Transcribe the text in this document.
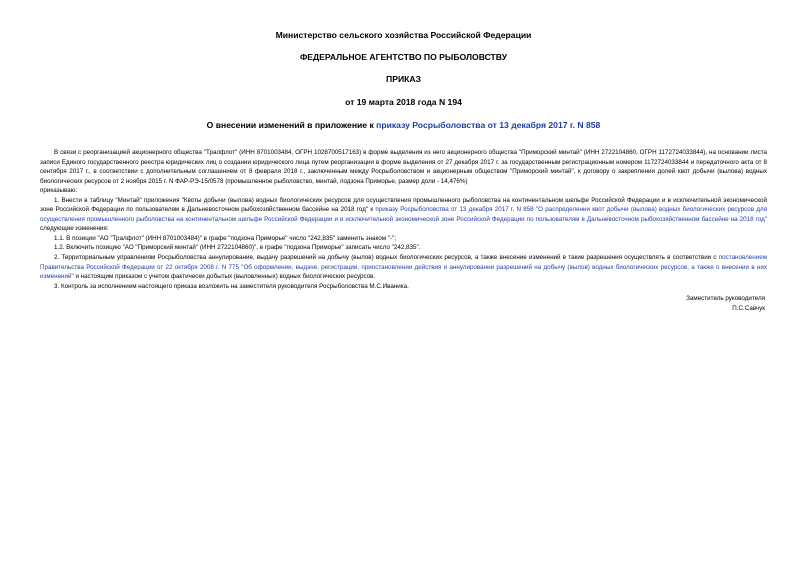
Министерство сельского хозяйства Российской Федерации
ФЕДЕРАЛЬНОЕ АГЕНТСТВО ПО РЫБОЛОВСТВУ
ПРИКАЗ
от 19 марта 2018 года N 194
О внесении изменений в приложение к приказу Росрыболовства от 13 декабря 2017 г. N 858

В связи с реорганизацией акционерного общества "Тралфлот" (ИНН 8701003484, ОГРН 1028700517163) в форме выделения из него акционерного общества "Приморский минтай" (ИНН 2722104860, ОГРН 1172724033844), на основании листа записи Единого государственного реестра юридических лиц о создании юридического лица путем реорганизации в форме выделения от 27 декабря 2017 г. за государственным регистрационным номером 1172724033844 и передаточного акта от 8 сентября 2017 г., в соответствии с дополнительным соглашением от 8 февраля 2018 г., заключенным между Росрыболовством и акционерным обществом "Приморский минтай", к договору о закреплении долей квот добычи (вылова) водных биологических ресурсов от 2 ноября 2015 г. N ФАР-РЭ-15/0578 (промышленное рыболовство, минтай, подзона Приморье, размер доли - 14,476%)

приказываю:

1. Внести в таблицу "Минтай" приложения "Квоты добычи (вылова) водных биологических ресурсов для осуществления промышленного рыболовства на континентальном шельфе Российской Федерации и в исключительной экономической зоне Российской Федерации по пользователям в Дальневосточном рыбохозяйственном бассейне на 2018 год" к приказу Росрыболовства от 13 декабря 2017 г. N 858 "О распределении квот добычи (вылова) водных биологических ресурсов для осуществления промышленного рыболовства на континентальном шельфе Российской Федерации и в исключительной экономической зоне Российской Федерации по пользователям в Дальневосточном рыбохозяйственном бассейне на 2018 год" следующие изменения:

1.1. В позиции "АО "Тралфлот" (ИНН 8701003484)" в графе "подзона Приморье" число "242,835" заменить знаком "-";

1.2. Включить позицию "АО "Приморский минтай" (ИНН 2722104860)", в графе "подзона Приморье" записать число "242,835".

2. Территориальным управлениям Росрыболовства аннулирование, выдачу разрешений на добычу (вылов) водных биологических ресурсов, а также внесение изменений в такие разрешения осуществлять в соответствии с постановлением Правительства Российской Федерации от 22 октября 2008 г. N 775 "Об оформлении, выдаче, регистрации, приостановлении действия и аннулировании разрешений на добычу (вылов) водных биологических ресурсов, а также о внесении в них изменений" и настоящим приказом с учетом фактически добытых (выловленных) водных биологических ресурсов.

3. Контроль за исполнением настоящего приказа возложить на заместителя руководителя Росрыболовства М.С.Иваника.

Заместитель руководителя
П.С.Савчук
